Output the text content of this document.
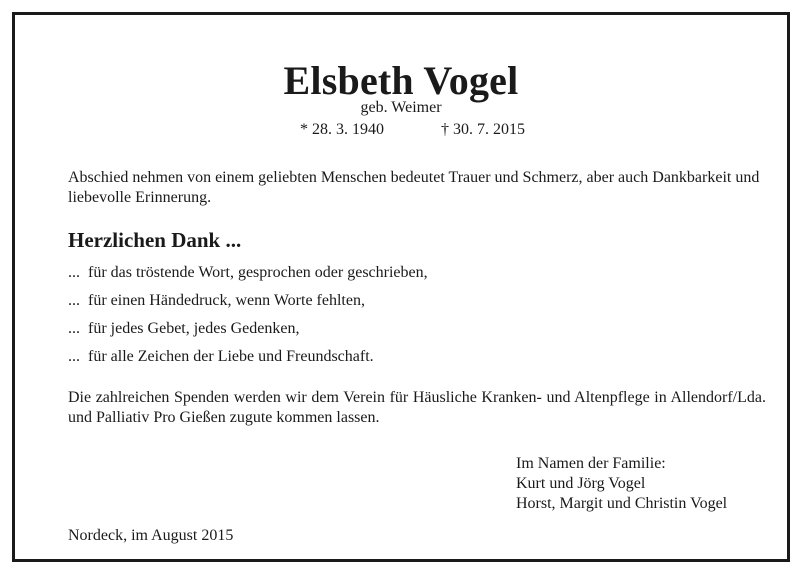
Elsbeth Vogel
geb. Weimer
* 28. 3. 1940	† 30. 7. 2015
Abschied nehmen von einem geliebten Menschen bedeutet Trauer und Schmerz, aber auch Dankbarkeit und liebevolle Erinnerung.
Herzlichen Dank ...
... für das tröstende Wort, gesprochen oder geschrieben,
... für einen Händedruck, wenn Worte fehlten,
... für jedes Gebet, jedes Gedenken,
... für alle Zeichen der Liebe und Freundschaft.
Die zahlreichen Spenden werden wir dem Verein für Häusliche Kranken- und Altenpflege in Allendorf/Lda. und Palliativ Pro Gießen zugute kommen lassen.
Im Namen der Familie:
Kurt und Jörg Vogel
Horst, Margit und Christin Vogel
Nordeck, im August 2015
